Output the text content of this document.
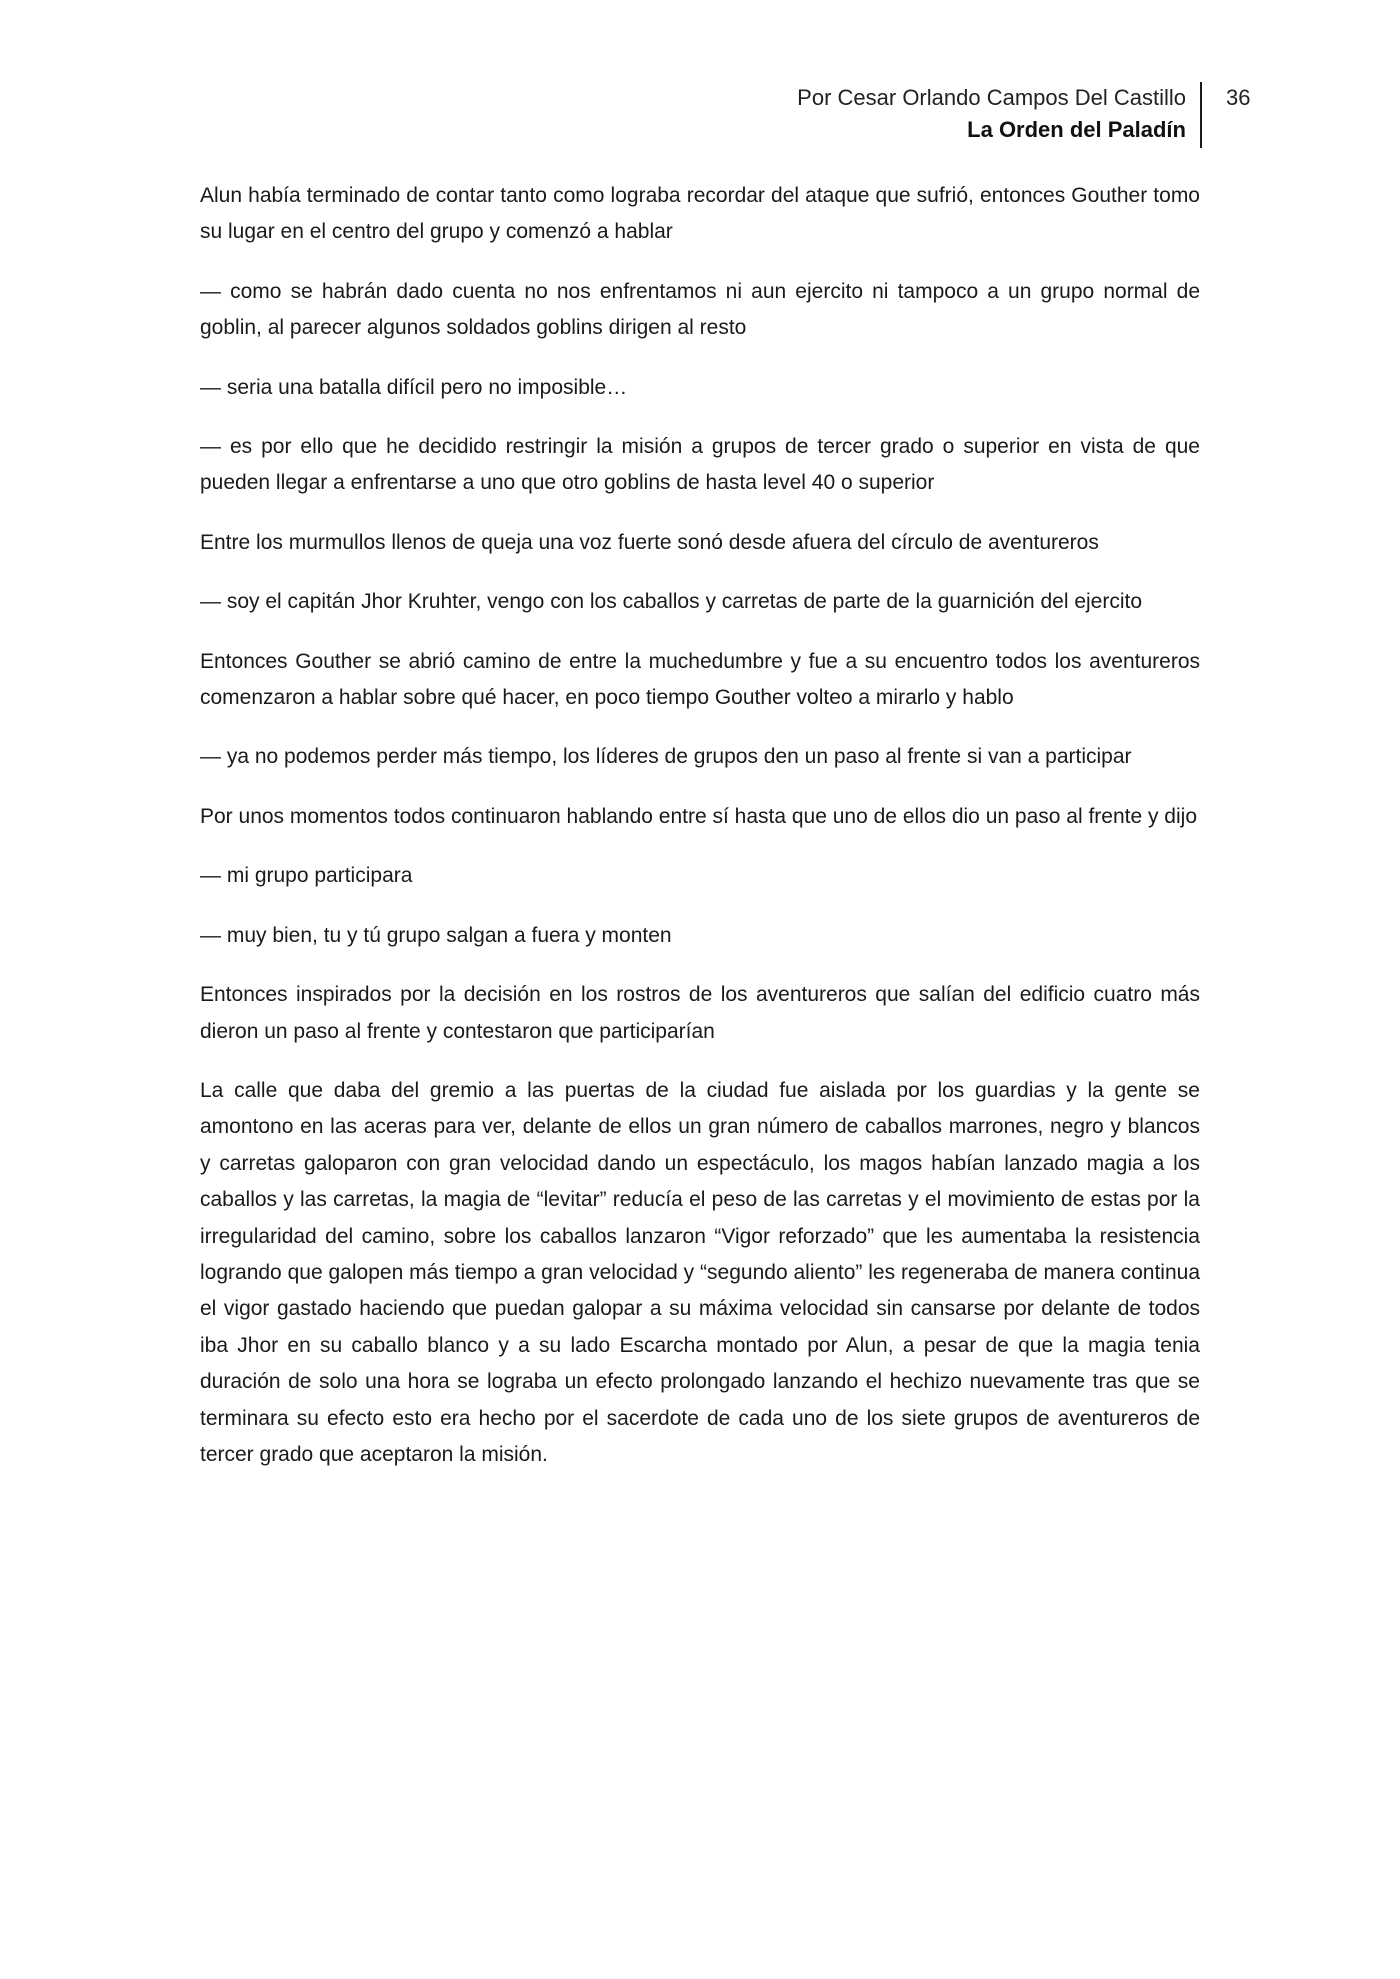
Por Cesar Orlando Campos Del Castillo
La Orden del Paladín
36

Alun había terminado de contar tanto como lograba recordar del ataque que sufrió, entonces Gouther tomo su lugar en el centro del grupo y comenzó a hablar

— como se habrán dado cuenta no nos enfrentamos ni aun ejercito ni tampoco a un grupo normal de goblin, al parecer algunos soldados goblins dirigen al resto

— seria una batalla difícil pero no imposible…

— es por ello que he decidido restringir la misión a grupos de tercer grado o superior en vista de que pueden llegar a enfrentarse a uno que otro goblins de hasta level 40 o superior

Entre los murmullos llenos de queja una voz fuerte sonó desde afuera del círculo de aventureros

— soy el capitán Jhor Kruhter, vengo con los caballos y carretas de parte de la guarnición del ejercito

Entonces Gouther se abrió camino de entre la muchedumbre y fue a su encuentro todos los aventureros comenzaron a hablar sobre qué hacer, en poco tiempo Gouther volteo a mirarlo y hablo

— ya no podemos perder más tiempo, los líderes de grupos den un paso al frente si van a participar

Por unos momentos todos continuaron hablando entre sí hasta que uno de ellos dio un paso al frente y dijo

— mi grupo participara

— muy bien, tu y tú grupo salgan a fuera y monten

Entonces inspirados por la decisión en los rostros de los aventureros que salían del edificio cuatro más dieron un paso al frente y contestaron que participarían

La calle que daba del gremio a las puertas de la ciudad fue aislada por los guardias y la gente se amontono en las aceras para ver, delante de ellos un gran número de caballos marrones, negro y blancos y carretas galoparon con gran velocidad dando un espectáculo, los magos habían lanzado magia a los caballos y las carretas, la magia de “levitar” reducía el peso de las carretas y el movimiento de estas por la irregularidad del camino, sobre los caballos lanzaron “Vigor reforzado” que les aumentaba la resistencia logrando que galopen más tiempo a gran velocidad y “segundo aliento” les regeneraba de manera continua el vigor gastado haciendo que puedan galopar a su máxima velocidad sin cansarse por delante de todos iba Jhor en su caballo blanco y a su lado Escarcha montado por Alun, a pesar de que la magia tenia duración de solo una hora se lograba un efecto prolongado lanzando el hechizo nuevamente tras que se terminara su efecto esto era hecho por el sacerdote de cada uno de los siete grupos de aventureros de tercer grado que aceptaron la misión.
